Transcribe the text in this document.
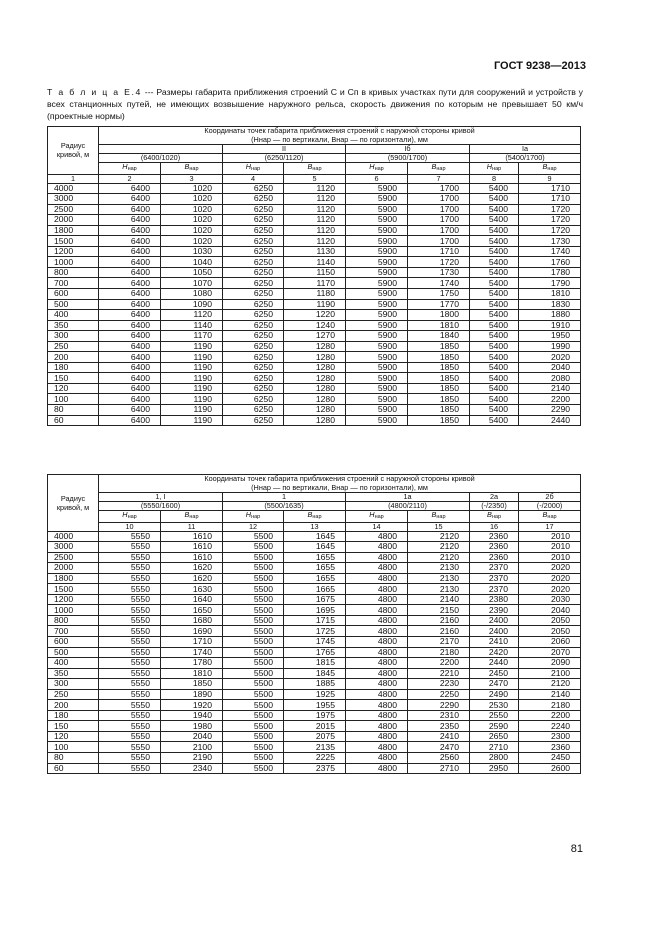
ГОСТ 9238—2013
Т а б л и ц а Е.4 --- Размеры габарита приближения строений С и Сп в кривых участках пути для сооружений и устройств у всех станционных путей, не имеющих возвышение наружного рельса, скорость движения по которым не превышает 50 км/ч (проектные нормы)
Радиус кривой, м	Координаты точек габарита приближения строений с наружной стороны кривой
(Hнар — по вертикали, Bнар — по горизонтали), мм							

			II		Iб		Iа	
	(6400/1020)		(6250/1120)		(5900/1700)		(5400/1700)	
	$H_{нар}$	$B_{нар}$	$H_{нар}$	$B_{нар}$	$H_{нар}$	$B_{нар}$	$H_{нар}$	$B_{нар}$
1	2	3	4	5	6	7	8	9
4000	6400	1020	6250	1120	5900	1700	5400	1710
3000	6400	1020	6250	1120	5900	1700	5400	1710
2500	6400	1020	6250	1120	5900	1700	5400	1720
2000	6400	1020	6250	1120	5900	1700	5400	1720
1800	6400	1020	6250	1120	5900	1700	5400	1720
1500	6400	1020	6250	1120	5900	1700	5400	1730
1200	6400	1030	6250	1130	5900	1710	5400	1740
1000	6400	1040	6250	1140	5900	1720	5400	1760
800	6400	1050	6250	1150	5900	1730	5400	1780
700	6400	1070	6250	1170	5900	1740	5400	1790
600	6400	1080	6250	1180	5900	1750	5400	1810
500	6400	1090	6250	1190	5900	1770	5400	1830
400	6400	1120	6250	1220	5900	1800	5400	1880
350	6400	1140	6250	1240	5900	1810	5400	1910
300	6400	1170	6250	1270	5900	1840	5400	1950
250	6400	1190	6250	1280	5900	1850	5400	1990
200	6400	1190	6250	1280	5900	1850	5400	2020
180	6400	1190	6250	1280	5900	1850	5400	2040
150	6400	1190	6250	1280	5900	1850	5400	2080
120	6400	1190	6250	1280	5900	1850	5400	2140
100	6400	1190	6250	1280	5900	1850	5400	2200
80	6400	1190	6250	1280	5900	1850	5400	2290
60	6400	1190	6250	1280	5900	1850	5400	2440
Радиус кривой, м	Координаты точек габарита приближения строений с наружной стороны кривой
(Hнар — по вертикали, Bнар — по горизонтали), мм							

	1, I		1		1а		2а	2б
	(5550/1600)		(5500/1635)		(4800/2110)		(-/2350)	(-/2000)
	$H_{нар}$	$B_{нар}$	$H_{нар}$	$B_{нар}$	$H_{нар}$	$B_{нар}$	$B_{нар}$	$B_{нар}$
	10	11	12	13	14	15	16	17
4000	5550	1610	5500	1645	4800	2120	2360	2010
3000	5550	1610	5500	1645	4800	2120	2360	2010
2500	5550	1610	5500	1655	4800	2120	2360	2010
2000	5550	1620	5500	1655	4800	2130	2370	2020
1800	5550	1620	5500	1655	4800	2130	2370	2020
1500	5550	1630	5500	1665	4800	2130	2370	2020
1200	5550	1640	5500	1675	4800	2140	2380	2030
1000	5550	1650	5500	1695	4800	2150	2390	2040
800	5550	1680	5500	1715	4800	2160	2400	2050
700	5550	1690	5500	1725	4800	2160	2400	2050
600	5550	1710	5500	1745	4800	2170	2410	2060
500	5550	1740	5500	1765	4800	2180	2420	2070
400	5550	1780	5500	1815	4800	2200	2440	2090
350	5550	1810	5500	1845	4800	2210	2450	2100
300	5550	1850	5500	1885	4800	2230	2470	2120
250	5550	1890	5500	1925	4800	2250	2490	2140
200	5550	1920	5500	1955	4800	2290	2530	2180
180	5550	1940	5500	1975	4800	2310	2550	2200
150	5550	1980	5500	2015	4800	2350	2590	2240
120	5550	2040	5500	2075	4800	2410	2650	2300
100	5550	2100	5500	2135	4800	2470	2710	2360
80	5550	2190	5500	2225	4800	2560	2800	2450
60	5550	2340	5500	2375	4800	2710	2950	2600
81
